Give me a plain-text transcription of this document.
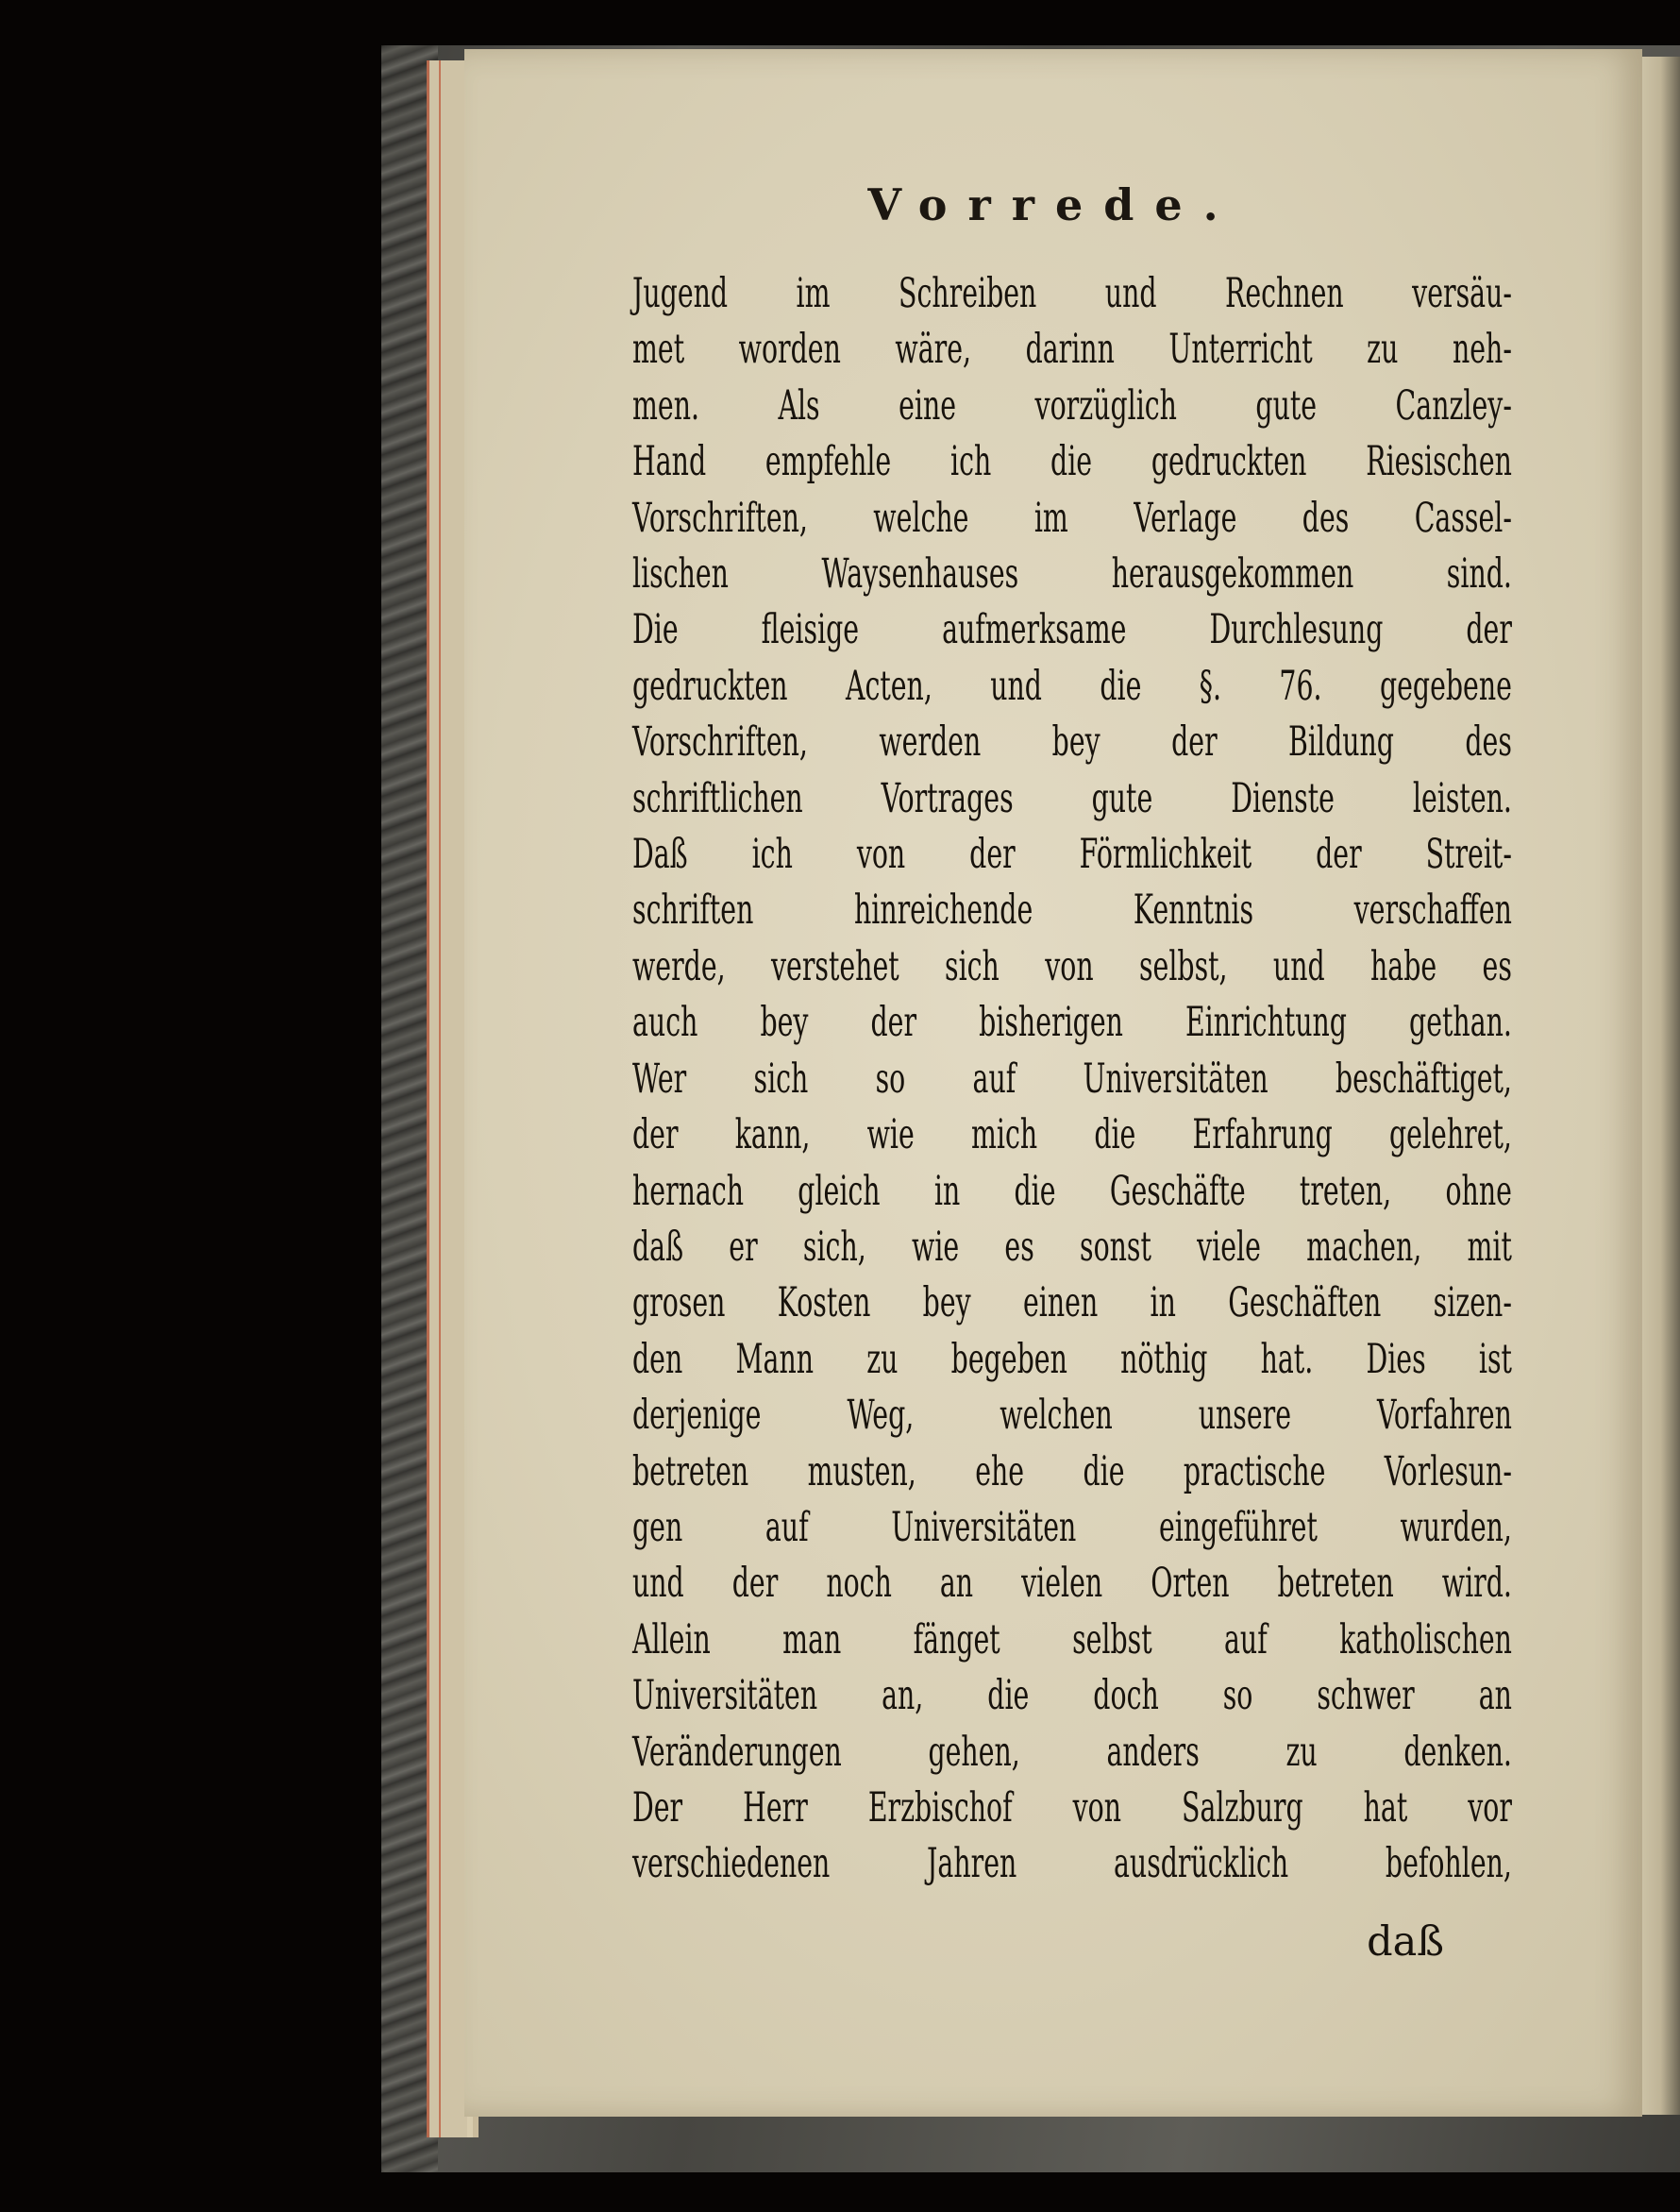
Vorrede.
Jugend im Schreiben und Rechnen versäu‑
met worden wäre, darinn Unterricht zu neh‑
men. Als eine vorzüglich gute Canzley‑
Hand empfehle ich die gedruckten Riesischen
Vorschriften, welche im Verlage des Cassel‑
lischen Waysenhauses herausgekommen sind.
Die fleisige aufmerksame Durchlesung der
gedruckten Acten, und die §. 76. gegebene
Vorschriften, werden bey der Bildung des
schriftlichen Vortrages gute Dienste leisten.
Daß ich von der Förmlichkeit der Streit‑
schriften hinreichende Kenntnis verschaffen
werde, verstehet sich von selbst, und habe es
auch bey der bisherigen Einrichtung gethan.
Wer sich so auf Universitäten beschäftiget,
der kann, wie mich die Erfahrung gelehret,
hernach gleich in die Geschäfte treten, ohne
daß er sich, wie es sonst viele machen, mit
grosen Kosten bey einen in Geschäften sizen‑
den Mann zu begeben nöthig hat. Dies ist
derjenige Weg, welchen unsere Vorfahren
betreten musten, ehe die practische Vorlesun‑
gen auf Universitäten eingeführet wurden,
und der noch an vielen Orten betreten wird.
Allein man fänget selbst auf katholischen
Universitäten an, die doch so schwer an
Veränderungen gehen, anders zu denken.
Der Herr Erzbischof von Salzburg hat vor
verschiedenen Jahren ausdrücklich befohlen,
daß
